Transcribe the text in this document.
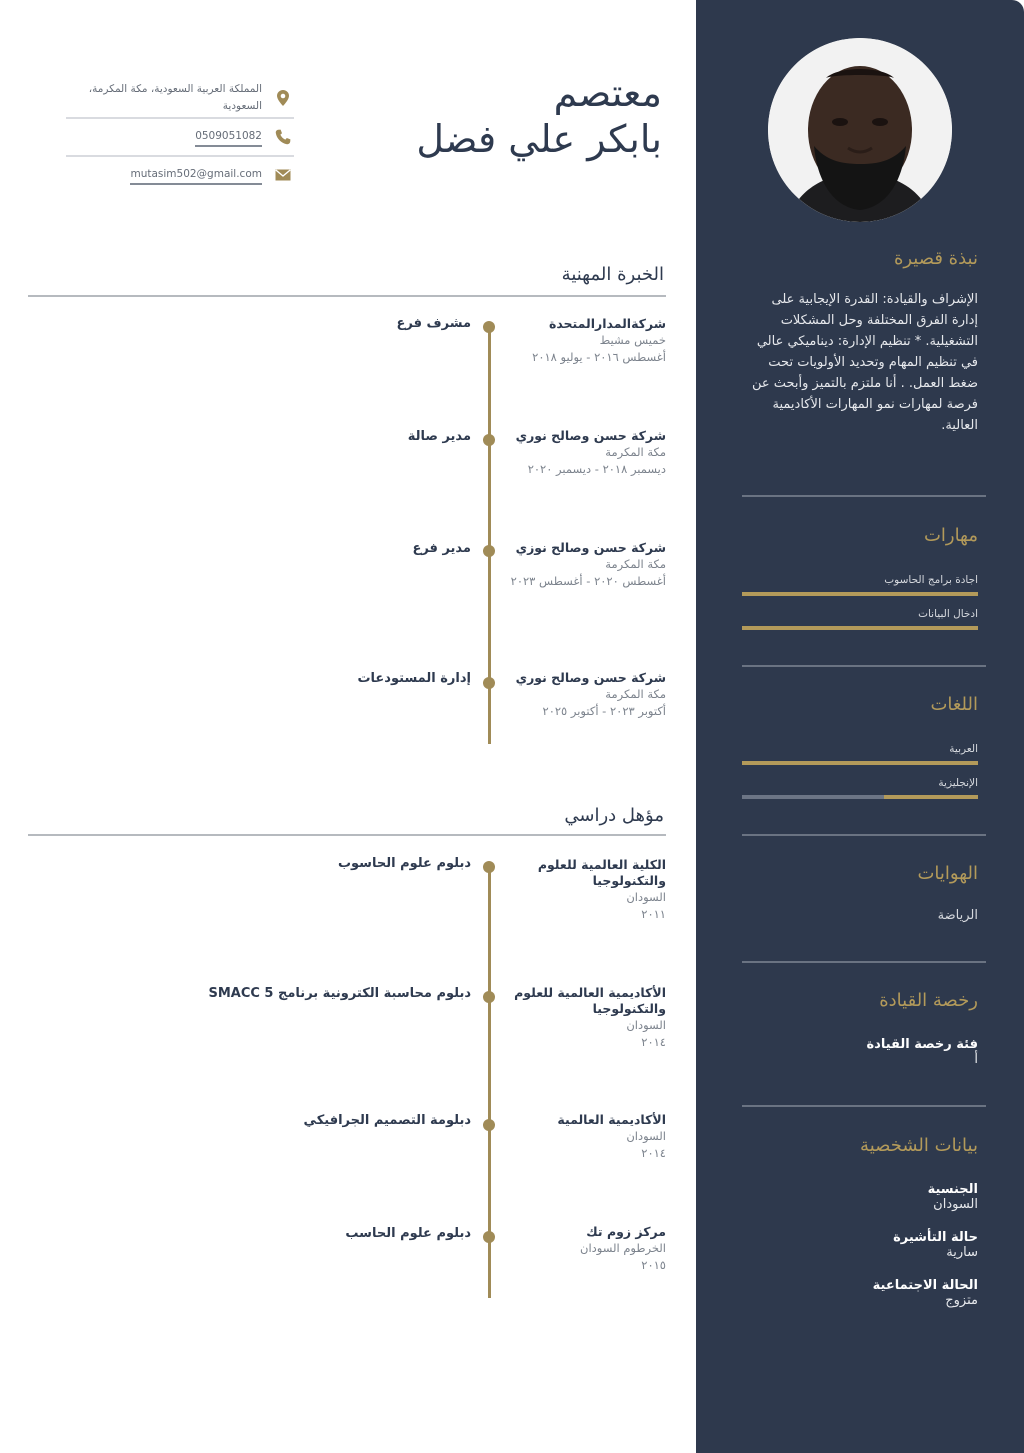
نبذة قصيرة
الإشراف والقيادة: القدرة الإيجابية على إدارة الفرق المختلفة وحل المشكلات التشغيلية. * تنظيم الإدارة: ديناميكي عالي في تنظيم المهام وتحديد الأولويات تحت ضغط العمل. . أنا ملتزم بالتميز وأبحث عن فرصة لمهارات نمو المهارات الأكاديمية العالية.
مهارات
اجادة برامج الحاسوب
ادخال البيانات
اللغات
العربية
الإنجليزية
الهوايات
الرياضة
رخصة القيادة
فئة رخصة القيادة
أ
بيانات الشخصية
الجنسية
السودان
حالة التأشيرة
سارية
الحالة الاجتماعية
متزوج
معتصم
بابكر علي فضل
المملكة العربية السعودية، مكة المكرمة، السعودية
0509051082
mutasim502@gmail.com
الخبرة المهنية
مشرف فرع	شركةالمدارالمتحدة
خميس مشيط
أغسطس ٢٠١٦ - يوليو ٢٠١٨
مدير صالة	شركة حسن وصالح نوري
مكة المكرمة
ديسمبر ٢٠١٨ - ديسمبر ٢٠٢٠
مدير فرع	شركة حسن وصالح نوزي
مكة المكرمة
أغسطس ٢٠٢٠ - أغسطس ٢٠٢٣
إدارة المستودعات	شركة حسن وصالح نوري
مكة المكرمة
أكتوبر ٢٠٢٣ - أكتوبر ٢٠٢٥
مؤهل دراسي
دبلوم علوم الحاسوب	الكلية العالمية للعلوم والتكنولوجيا
السودان
٢٠١١
دبلوم محاسبة الكترونية برنامج SMACC 5	الأكاديمية العالمية للعلوم والتكنولوجيا
السودان
٢٠١٤
دبلومة التصميم الجرافيكي	الأكاديمية العالمية
السودان
٢٠١٤
دبلوم علوم الحاسب	مركز زوم تك
الخرطوم السودان
٢٠١٥
